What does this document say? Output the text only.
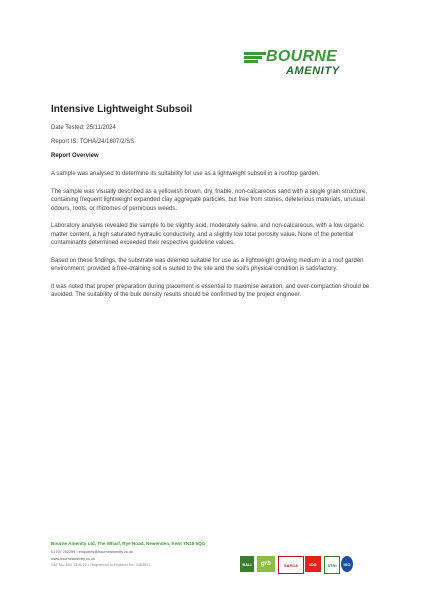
BOURNE
AMENITY
Intensive Lightweight Subsoil
Date Tested: 25/11/2024
Report IS: TOHA/24/1607/2/SS
Report Overview

A sample was analysed to determine its suitability for use as a lightweight subsoil in a rooftop garden.

The sample was visually described as a yellowish brown, dry, friable, non-calcareous sand with a single grain structure, containing frequent lightweight expanded clay aggregate particles, but free from stones, deleterious materials, unusual odours, roots, or rhizomes of pernicious weeds.

Laboratory analysis revealed the sample to be slightly acid, moderately saline, and non-calcareous, with a low organic matter content, a high saturated hydraulic conductivity, and a slightly low total porosity value. None of the potential contaminants determined exceeded their respective guideline values.

Based on these findings, the substrate was deemed suitable for use as a lightweight growing medium in a roof garden environment, provided a free-draining soil is suited to the site and the soil's physical condition is satisfactory.

It was noted that proper preparation during placement is essential to maximise aeration, and over-compaction should be avoided. The suitability of the bulk density results should be confirmed by the project engineer.

Bourne Amenity Ltd, The Wharf, Rye Road, Newenden, Kent TN18 5QG
01797 252299 • enquiries@bourneamenity.co.uk
www.bourneamenity.co.uk
VAT No: 860 1396 22 • Registered in England No: 3483821	BALI grb	SAPCA	IOG	STRI ISO
